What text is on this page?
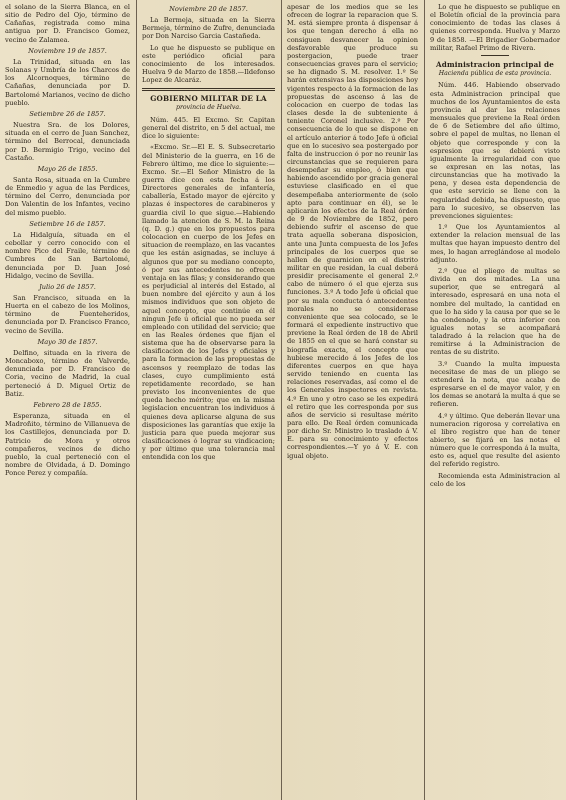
el solano de la Sierra Blanca, en el sitio de Pedro del Ojo, término de Cañañas, registrada como mina antigua por D. Francisco Gomez, vecino de Zalamea.

Noviembre 19 de 1857.

La Trinidad, situada en las Solanas y Umbría de los Charcos de los Alcornoques, término de Cañañas, denunciada por D. Bartolomé Marianos, vecino de dicho pueblo.

Setiembre 26 de 1857.

Nuestra Sra. de los Dolores, situada en el cerro de Juan Sanchez, término del Berrocal, denunciada por D. Bermigio Trigo, vecino del Castaño.

Mayo 26 de 1855.

Santa Rosa, situada en la Cumbre de Enmedio y agua de las Perdices, término del Cerro, denunciada por Don Valentin de los Infantes, vecino del mismo pueblo.

Setiembre 16 de 1857.

La Hidalguía, situada en el cebollar y cerro conocido con el nombre Pico del Fraile, término de Cumbres de San Bartolomé, denunciada por D. Juan José Hidalgo, vecino de Sevilla.

Julio 26 de 1857.

San Francisco, situada en la Huerta en el cabezo de los Molinos, término de Fuenteheridos, denunciada por D. Francisco Franco, vecino de Sevilla.

Mayo 30 de 1857.

Delfino, situada en la rivera de Moncaboxo, término de Valverde, denunciada por D. Francisco de Coria, vecino de Madrid, la cual perteneció á D. Miguel Ortiz de Batiz.

Febrero 28 de 1855.

Esperanza, situada en el Madroñito, término de Villanueva de los Castillejos, denunciada por D. Patricio de Mora y otros compañeros, vecinos de dicho pueblo, la cual perteneció con el nombre de Olvidada, á D. Domingo Ponce Perez y compañía.

Noviembre 20 de 1857.

La Bermeja, situada en la Sierra Bermeja, término de Zufre, denunciada por Don Narciso Garcia Castañeda.

Lo que he dispuesto se publique en este periódico oficial para conocimiento de los interesados. Huelva 9 de Marzo de 1858.—Ildefonso Lopez de Alcaráz.

GOBIERNO MILITAR DE LA
provincia de Huelva.

Núm. 445. El Excmo. Sr. Capitan general del distrito, en 5 del actual, me dice lo siguiente:

«Excmo. Sr.—El E. S. Subsecretario del Ministerio de la guerra, en 16 de Febrero último, me dice lo siguiente:—Excmo. Sr.—El Señor Ministro de la guerra dice con esta fecha á los Directores generales de infantería, caballería, Estado mayor de ejército y plazas é inspectores de carabineros y guardia civil lo que sigue.—Habiendo llamado la atencion de S. M. la Reina (q. D. g.) que en los propuestos para colocacion en cuerpo de los Jefes en situacion de reemplazo, en las vacantes que les están asignadas, se incluye á algunos que por su mediano concepto, ó por sus antecedentes no ofrecen ventaja en las filas; y considerando que es perjudicial al interés del Estado, al buen nombre del ejército y aun á los mismos individuos que son objeto de aquel concepto, que continúe en él ningun Jefe ú oficial que no pueda ser empleado con utilidad del servicio; que en las Reales órdenes que fijan el sistema que ha de observarse para la clasificacion de los Jefes y oficiales y para la formacion de las propuestas de ascensos y reemplazo de todas las clases, cuyo cumplimiento está repetidamente recordado, se han previsto los inconvenientes de que queda hecho mérito; que en la misma legislacion encuentran los individuos á quienes deva aplicarse alguna de sus disposiciones las garantías que exije la justicia para que pueda mejorar sus clasificaciones ó lograr su vindicacion; y por último que una tolerancia mal entendida con los que

apesar de los medios que se les ofrecen de lograr la reparacion que S. M. está siempre pronta á dispensar á los que tengan derecho á ella no consiguen desvanecer la opinion desfavorable que produce su postergacion, puede traer consecuencias graves para el servicio; se ha dignado S. M. resolver. 1.º Se harán extensivas las disposiciones hoy vigentes respecto á la formacion de las propuestas de ascenso á las de colocacion en cuerpo de todas las clases desde la de subteniente á teniente Coronel inclusive. 2.º Por consecuencia de lo que se dispone en el artículo anterior á todo Jefe ú oficial que en lo sucesivo sea postergado por falta de instruccion ó por no reunir las circunstancias que se requieren para desempeñar su empleo, ó bien que habiendo ascendido por gracia general estuviese clasificado en el que desempeñaba anteriormente de (solo apto para continuar en él), se le aplicarán los efectos de la Real órden de 9 de Noviembre de 1852, pero debiendo sufrir el ascenso de que trata aquella soberana disposicion, ante una Junta compuesta de los Jefes principales de los cuerpos que se hallen de guarnicion en el distrito militar en que residan, la cual deberá presidir precisamente el general 2.º cabo de número ó el que ejerza sus funciones. 3.º A todo Jefe ú oficial que por su mala conducta ó antecedentes morales no se considerase conveniente que sea colocado, se le formará el expediente instructivo que previene la Real órden de 18 de Abril de 1855 en el que se hará constar su biografía exacta, el concepto que hubiese merecido á los Jefes de los diferentes cuerpos en que haya servido teniendo en cuenta las relaciones reservadas, así como el de los Generales inspectores en revista. 4.º En uno y otro caso se les expedirá el retiro que les corresponda por sus años de servicio si resultase mérito para ello. De Real órden comunicada por dicho Sr. Ministro lo traslado á V. E. para su conocimiento y efectos correspondientes.—Y yo á V. E. con igual objeto.

Lo que he dispuesto se publique en el Boletín oficial de la provincia para conocimiento de todas las clases á quienes corresponda. Huelva y Marzo 9 de 1858. —El Brigadier Gobernador militar, Rafael Primo de Rivera.

Administracion principal de
Hacienda pública de esta provincia.

Núm. 446. Habiendo observado esta Administracion principal que muchos de los Ayuntamientos de esta provincia al dar las relaciones mensuales que previene la Real órden de 6 de Setiembre del año último, sobre el papel de multas, no llenan el objeto que corresponde y con la espresion que se debierá visto igualmente la irregularidad con que se expresan en las notas, las circunstancias que ha motivado la pena, y desea esta dependencia de que este servicio se llene con la regularidad debida, ha dispuesto, que para lo sucesivo, se observen las prevenciones siguientes:

1.º Que los Ayuntamientos al extender la relacion mensual de las multas que hayan impuesto dentro del mes, lo hagan arreglándose al modelo adjunto.

2.º Que el pliego de multas se divida en dos mitades. La una superior, que se entregará al interesado, espresará en una nota el nombre del multado, la cantidad en que lo ha sido y la causa por que se le ha condenado, y la otra inferior con iguales notas se acompañará taladrado á la relacion que ha de remitirse á la Administracion de rentas de su distrito.

3.º Cuando la multa impuesta necesitase de mas de un pliego se extenderá la nota, que acaba de espresarse en el de mayor valor, y en los demas se anotará la multa á que se refieren.

4.º y último. Que deberán llevar una numeracion rigorosa y correlativa en el libro registro que han de tener abierto, se fijará en las notas el número que le corresponda á la multa, esto es, aquel que resulte del asiento del referido registro.

Recomienda esta Administracion al celo de los
